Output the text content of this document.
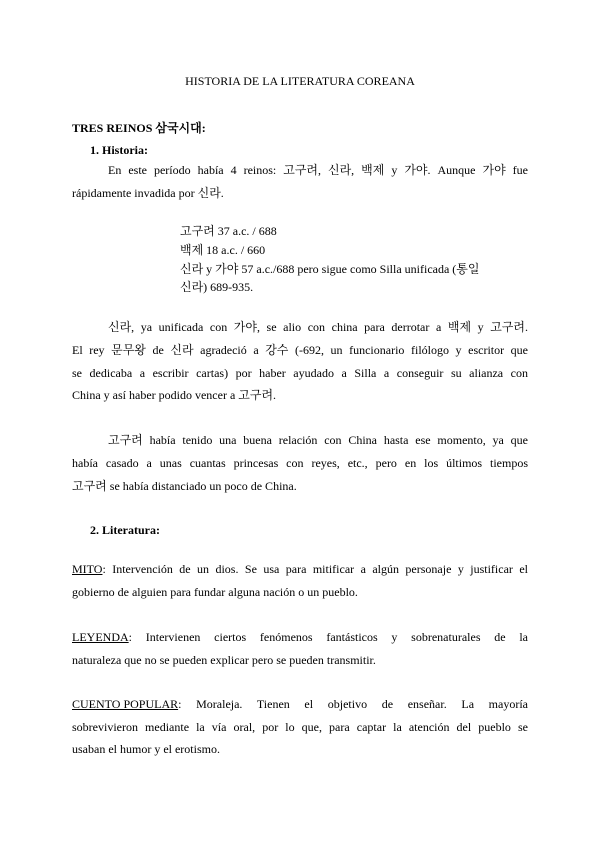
HISTORIA DE LA LITERATURA COREANA
TRES REINOS 삼국시대:
1. Historia:
En este período había 4 reinos: 고구려, 신라, 백제 y 가야. Aunque 가야 fue
rápidamente invadida por 신라.
고구려 37 a.c. / 688
백제 18 a.c. / 660
신라 y 가야 57 a.c./688 pero sigue como Silla unificada (통일
신라) 689-935.
신라, ya unificada con 가야, se alio con china para derrotar a 백제 y 고구려.
El rey 문무왕 de 신라 agradeció a 강수 (-692, un funcionario filólogo y escritor que
se dedicaba a escribir cartas) por haber ayudado a Silla a conseguir su alianza con
China y así haber podido vencer a 고구려.
고구려 había tenido una buena relación con China hasta ese momento, ya que
había casado a unas cuantas princesas con reyes, etc., pero en los últimos tiempos
고구려 se había distanciado un poco de China.
2. Literatura:
MITO : Intervención de un dios. Se usa para mitificar a algún personaje y justificar el
gobierno de alguien para fundar alguna nación o un pueblo.
LEYENDA : Intervienen ciertos fenómenos fantásticos y sobrenaturales de la
naturaleza que no se pueden explicar pero se pueden transmitir.
CUENTO POPULAR : Moraleja. Tienen el objetivo de enseñar. La mayoría
sobrevivieron mediante la vía oral, por lo que, para captar la atención del pueblo se
usaban el humor y el erotismo.
